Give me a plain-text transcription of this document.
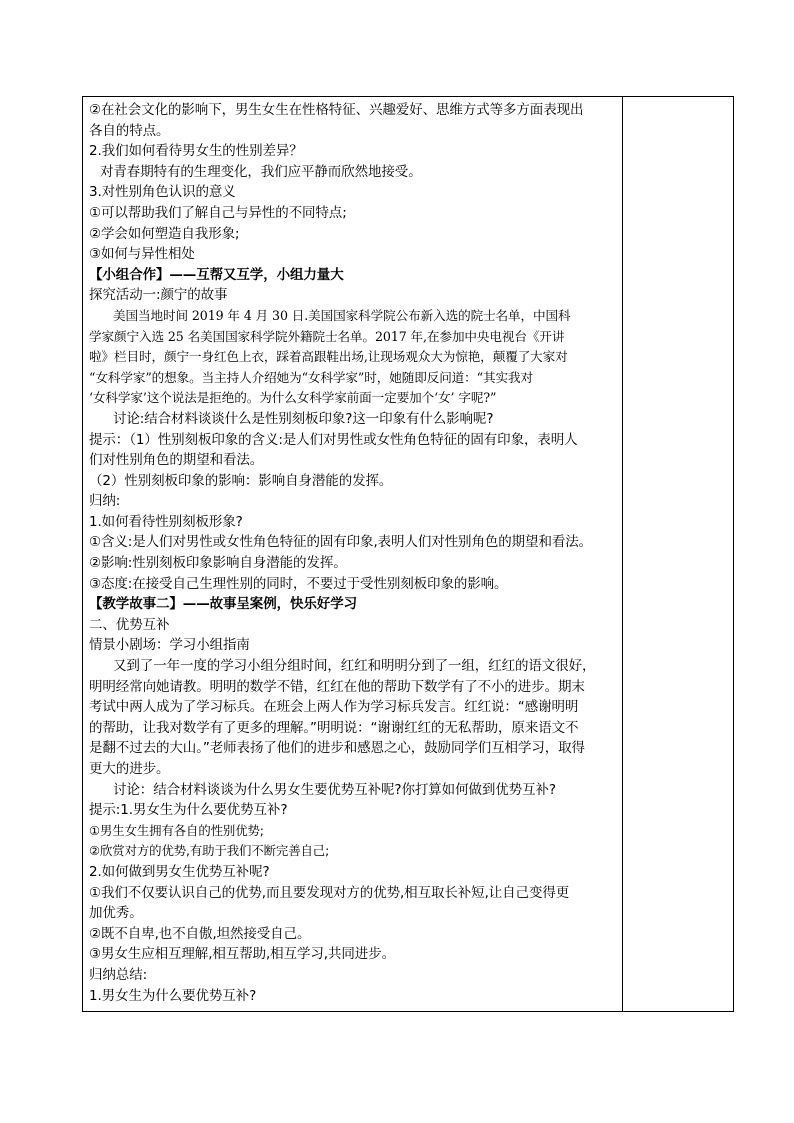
②在社会文化的影响下，男生女生在性格特征、兴趣爱好、思维方式等多方面表现出
各自的特点。
2.我们如何看待男女生的性别差异？
对青春期特有的生理变化，我们应平静而欣然地接受。
3.对性别角色认识的意义
①可以帮助我们了解自己与异性的不同特点;
②学会如何塑造自我形象;
③如何与异性相处
【小组合作】——互帮又互学，小组力量大
探究活动一:颜宁的故事
美国当地时间 2019 年 4 月 30 日.美国国家科学院公布新入选的院士名单，中国科
学家颜宁入选 25 名美国国家科学院外籍院士名单。2017 年,在参加中央电视台《开讲
啦》栏目时，颜宁一身红色上衣，踩着高跟鞋出场,让现场观众大为惊艳，颠覆了大家对
“女科学家”的想象。当主持人介绍她为“女科学家”时，她随即反问道：“其实我对
‘女科学家’这个说法是拒绝的。为什么女科学家前面一定要加个‘女’ 字呢?”
讨论:结合材料谈谈什么是性别刻板印象?这一印象有什么影响呢?
提示：（1）性别刻板印象的含义:是人们对男性或女性角色特征的固有印象，表明人
们对性别角色的期望和看法。
（2）性别刻板印象的影响：影响自身潜能的发挥。
归纳:
1.如何看待性别刻板形象?
①含义:是人们对男性或女性角色特征的固有印象,表明人们对性别角色的期望和看法。
②影响:性别刻板印象影响自身潜能的发挥。
③态度:在接受自己生理性别的同时，不要过于受性别刻板印象的影响。
【教学故事二】——故事呈案例，快乐好学习
二、优势互补
情景小剧场：学习小组指南
又到了一年一度的学习小组分组时间，红红和明明分到了一组，红红的语文很好，
明明经常向她请教。明明的数学不错，红红在他的帮助下数学有了不小的进步。期末
考试中两人成为了学习标兵。在班会上两人作为学习标兵发言。红红说：“感谢明明
的帮助，让我对数学有了更多的理解。”明明说：“谢谢红红的无私帮助，原来语文不
是翻不过去的大山。”老师表扬了他们的进步和感恩之心，鼓励同学们互相学习，取得
更大的进步。
讨论：结合材料谈谈为什么男女生要优势互补呢?你打算如何做到优势互补?
提示:1.男女生为什么要优势互补?
①男生女生拥有各自的性别优势;
②欣赏对方的优势,有助于我们不断完善自己;
2.如何做到男女生优势互补呢?
①我们不仅要认识自己的优势,而且要发现对方的优势,相互取长补短,让自己变得更
加优秀。
②既不自卑,也不自傲,坦然接受自己。
③男女生应相互理解,相互帮助,相互学习,共同进步。
归纳总结:
1.男女生为什么要优势互补?
